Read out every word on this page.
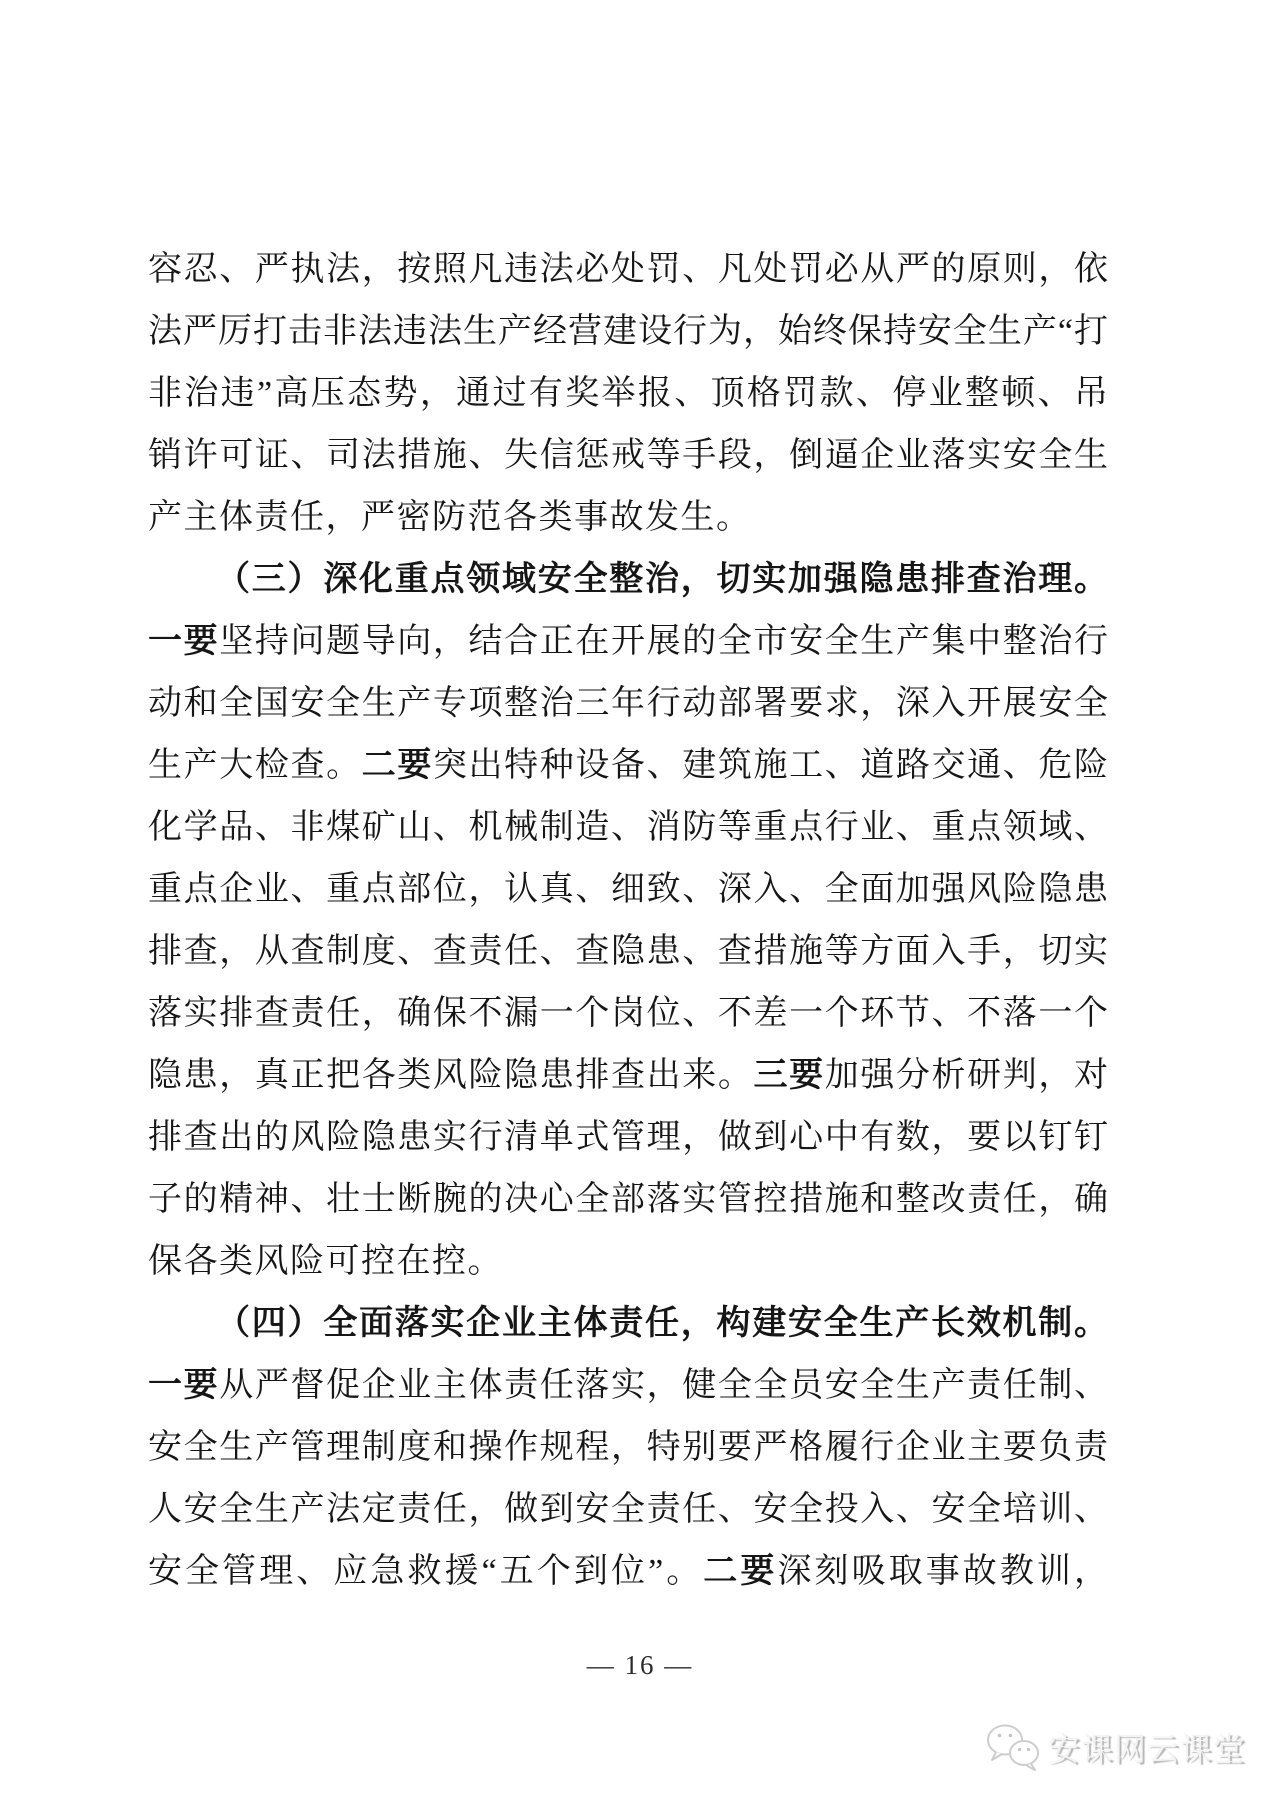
容忍、严执法，按照凡违法必处罚、凡处罚必从严的原则，依
法严厉打击非法违法生产经营建设行为，始终保持安全生产“打
非治违”高压态势，通过有奖举报、顶格罚款、停业整顿、吊
销许可证、司法措施、失信惩戒等手段，倒逼企业落实安全生
产主体责任，严密防范各类事故发生。
（三）深化重点领域安全整治，切实加强隐患排查治理。
一要坚持问题导向，结合正在开展的全市安全生产集中整治行
动和全国安全生产专项整治三年行动部署要求，深入开展安全
生产大检查。二要突出特种设备、建筑施工、道路交通、危险
化学品、非煤矿山、机械制造、消防等重点行业、重点领域、
重点企业、重点部位，认真、细致、深入、全面加强风险隐患
排查，从查制度、查责任、查隐患、查措施等方面入手，切实
落实排查责任，确保不漏一个岗位、不差一个环节、不落一个
隐患，真正把各类风险隐患排查出来。三要加强分析研判，对
排查出的风险隐患实行清单式管理，做到心中有数，要以钉钉
子的精神、壮士断腕的决心全部落实管控措施和整改责任，确
保各类风险可控在控。
（四）全面落实企业主体责任，构建安全生产长效机制。
一要从严督促企业主体责任落实，健全全员安全生产责任制、
安全生产管理制度和操作规程，特别要严格履行企业主要负责
人安全生产法定责任，做到安全责任、安全投入、安全培训、
安全管理、应急救援“五个到位”。二要深刻吸取事故教训，
— 16 —
安课网云课堂
